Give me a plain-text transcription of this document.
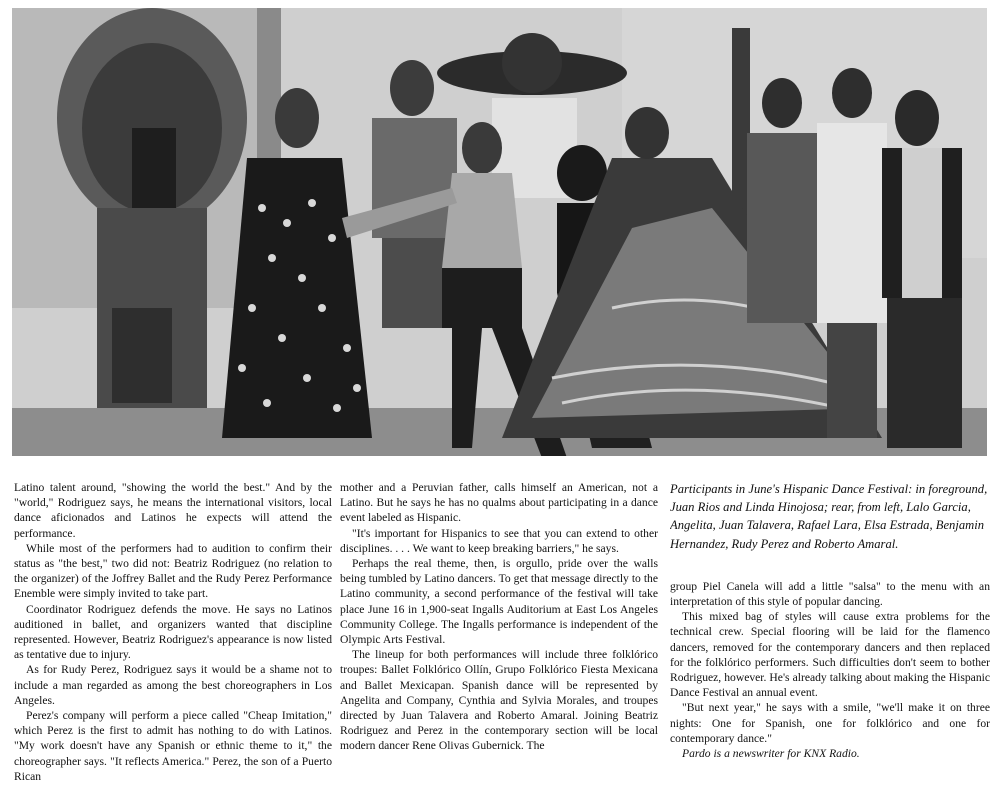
Latino talent around, "showing the world the best." And by the "world," Rodriguez says, he means the international visitors, local dance aficionados and Latinos he expects will attend the performance.

While most of the performers had to audition to confirm their status as "the best," two did not: Beatriz Rodriguez (no relation to the organizer) of the Joffrey Ballet and the Rudy Perez Performance Enemble were simply invited to take part.

Coordinator Rodriguez defends the move. He says no Latinos auditioned in ballet, and organizers wanted that discipline represented. However, Beatriz Rodriguez's appearance is now listed as tentative due to injury.

As for Rudy Perez, Rodriguez says it would be a shame not to include a man regarded as among the best choreographers in Los Angeles.

Perez's company will perform a piece called "Cheap Imitation," which Perez is the first to admit has nothing to do with Latinos. "My work doesn't have any Spanish or ethnic theme to it," the choreographer says. "It reflects America." Perez, the son of a Puerto Rican

mother and a Peruvian father, calls himself an American, not a Latino. But he says he has no qualms about participating in a dance event labeled as Hispanic.

"It's important for Hispanics to see that you can extend to other disciplines. . . . We want to keep breaking barriers," he says.

Perhaps the real theme, then, is orgullo, pride over the walls being tumbled by Latino dancers. To get that message directly to the Latino community, a second performance of the festival will take place June 16 in 1,900-seat Ingalls Auditorium at East Los Angeles Community College. The Ingalls performance is independent of the Olympic Arts Festival.

The lineup for both performances will include three folklórico troupes: Ballet Folklórico Ollín, Grupo Folklórico Fiesta Mexicana and Ballet Mexicapan. Spanish dance will be represented by Angelita and Company, Cynthia and Sylvia Morales, and troupes directed by Juan Talavera and Roberto Amaral. Joining Beatriz Rodriguez and Perez in the contemporary section will be local modern dancer Rene Olivas Gubernick. The

Participants in June's Hispanic Dance Festival: in foreground, Juan Rios and Linda Hinojosa; rear, from left, Lalo Garcia, Angelita, Juan Talavera, Rafael Lara, Elsa Estrada, Benjamin Hernandez, Rudy Perez and Roberto Amaral.

group Piel Canela will add a little "salsa" to the menu with an interpretation of this style of popular dancing.

This mixed bag of styles will cause extra problems for the technical crew. Special flooring will be laid for the flamenco dancers, removed for the contemporary dancers and then replaced for the folklórico performers. Such difficulties don't seem to bother Rodriguez, however. He's already talking about making the Hispanic Dance Festival an annual event.

"But next year," he says with a smile, "we'll make it on three nights: One for Spanish, one for folklórico and one for contemporary dance."

Pardo is a newswriter for KNX Radio.
